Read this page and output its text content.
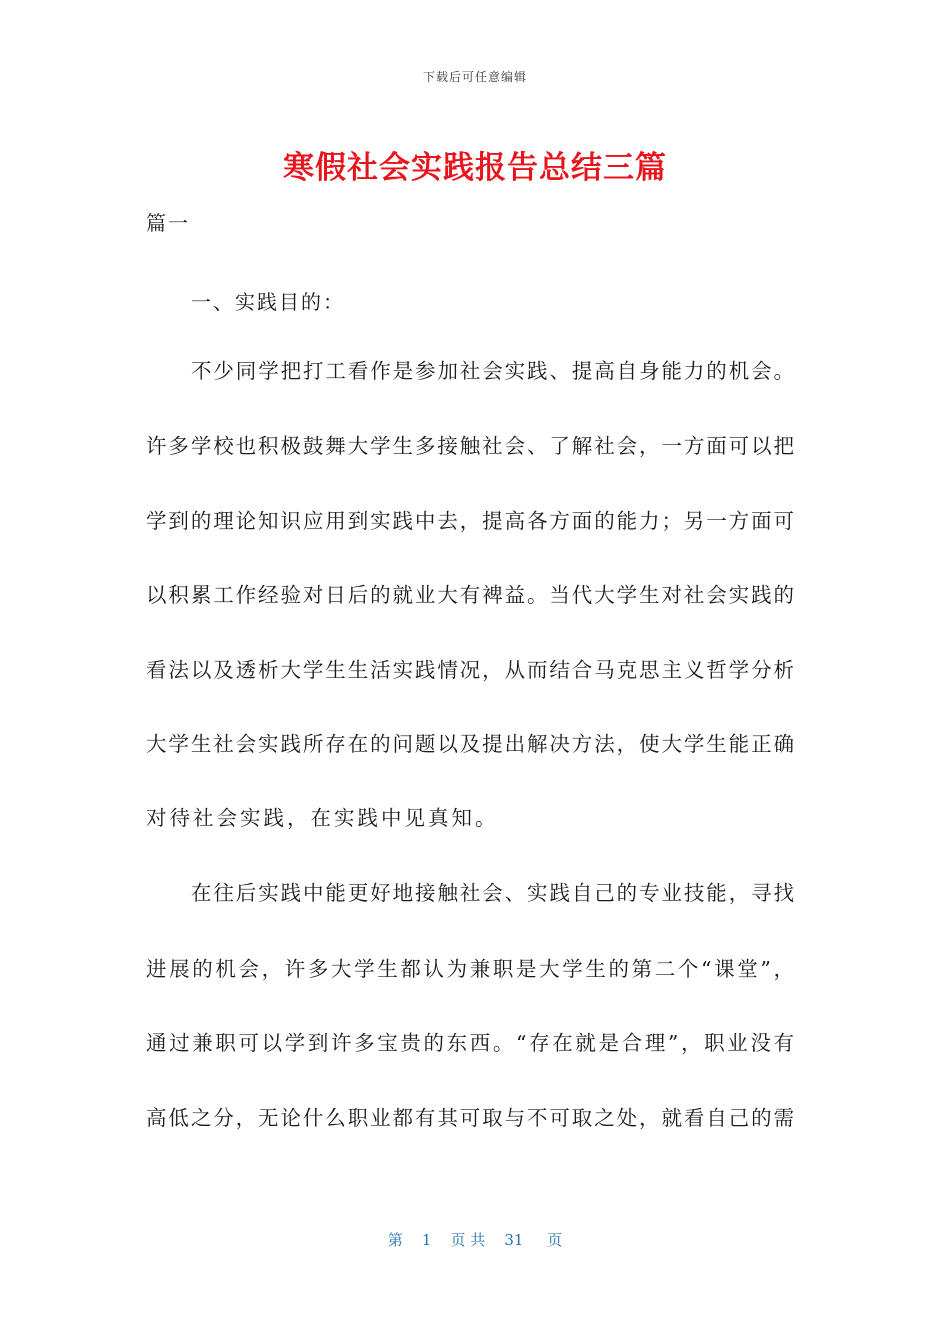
下载后可任意编辑
寒假社会实践报告总结三篇
篇一
一、实践目的：
不少同学把打工看作是参加社会实践、提高自身能力的机会。
许多学校也积极鼓舞大学生多接触社会、了解社会，一方面可以把
学到的理论知识应用到实践中去，提高各方面的能力；另一方面可
以积累工作经验对日后的就业大有裨益。当代大学生对社会实践的
看法以及透析大学生生活实践情况，从而结合马克思主义哲学分析
大学生社会实践所存在的问题以及提出解决方法，使大学生能正确
对待社会实践，在实践中见真知。
在往后实践中能更好地接触社会、实践自己的专业技能，寻找
进展的机会，许多大学生都认为兼职是大学生的第二个“课堂”，
通过兼职可以学到许多宝贵的东西。“存在就是合理”，职业没有
高低之分，无论什么职业都有其可取与不可取之处，就看自己的需
第 1 页 共 31 页
